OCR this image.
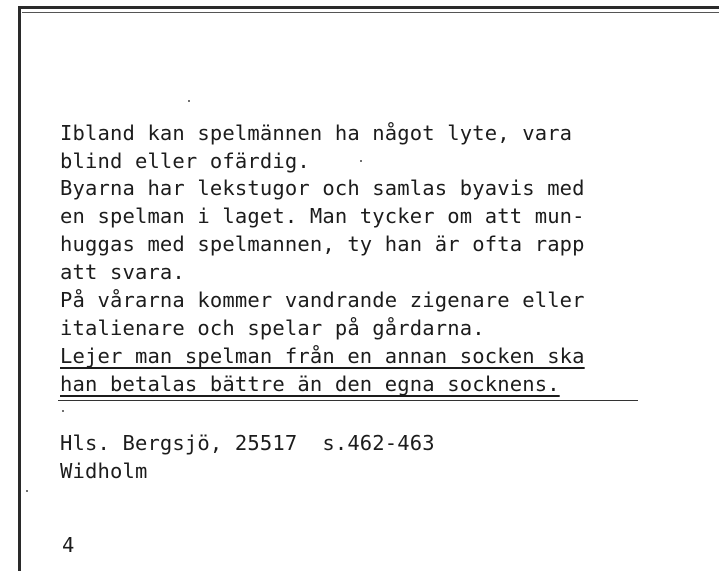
Ibland kan spelmännen ha något lyte, vara
blind eller ofärdig.
Byarna har lekstugor och samlas byavis med
en spelman i laget. Man tycker om att mun-
huggas med spelmannen, ty han är ofta rapp
att svara.
På vårarna kommer vandrande zigenare eller
italienare och spelar på gårdarna.
Lejer man spelman från en annan socken ska
han betalas bättre än den egna socknens.
Hls. Bergsjö, 25517  s.462-463
Widholm
4
